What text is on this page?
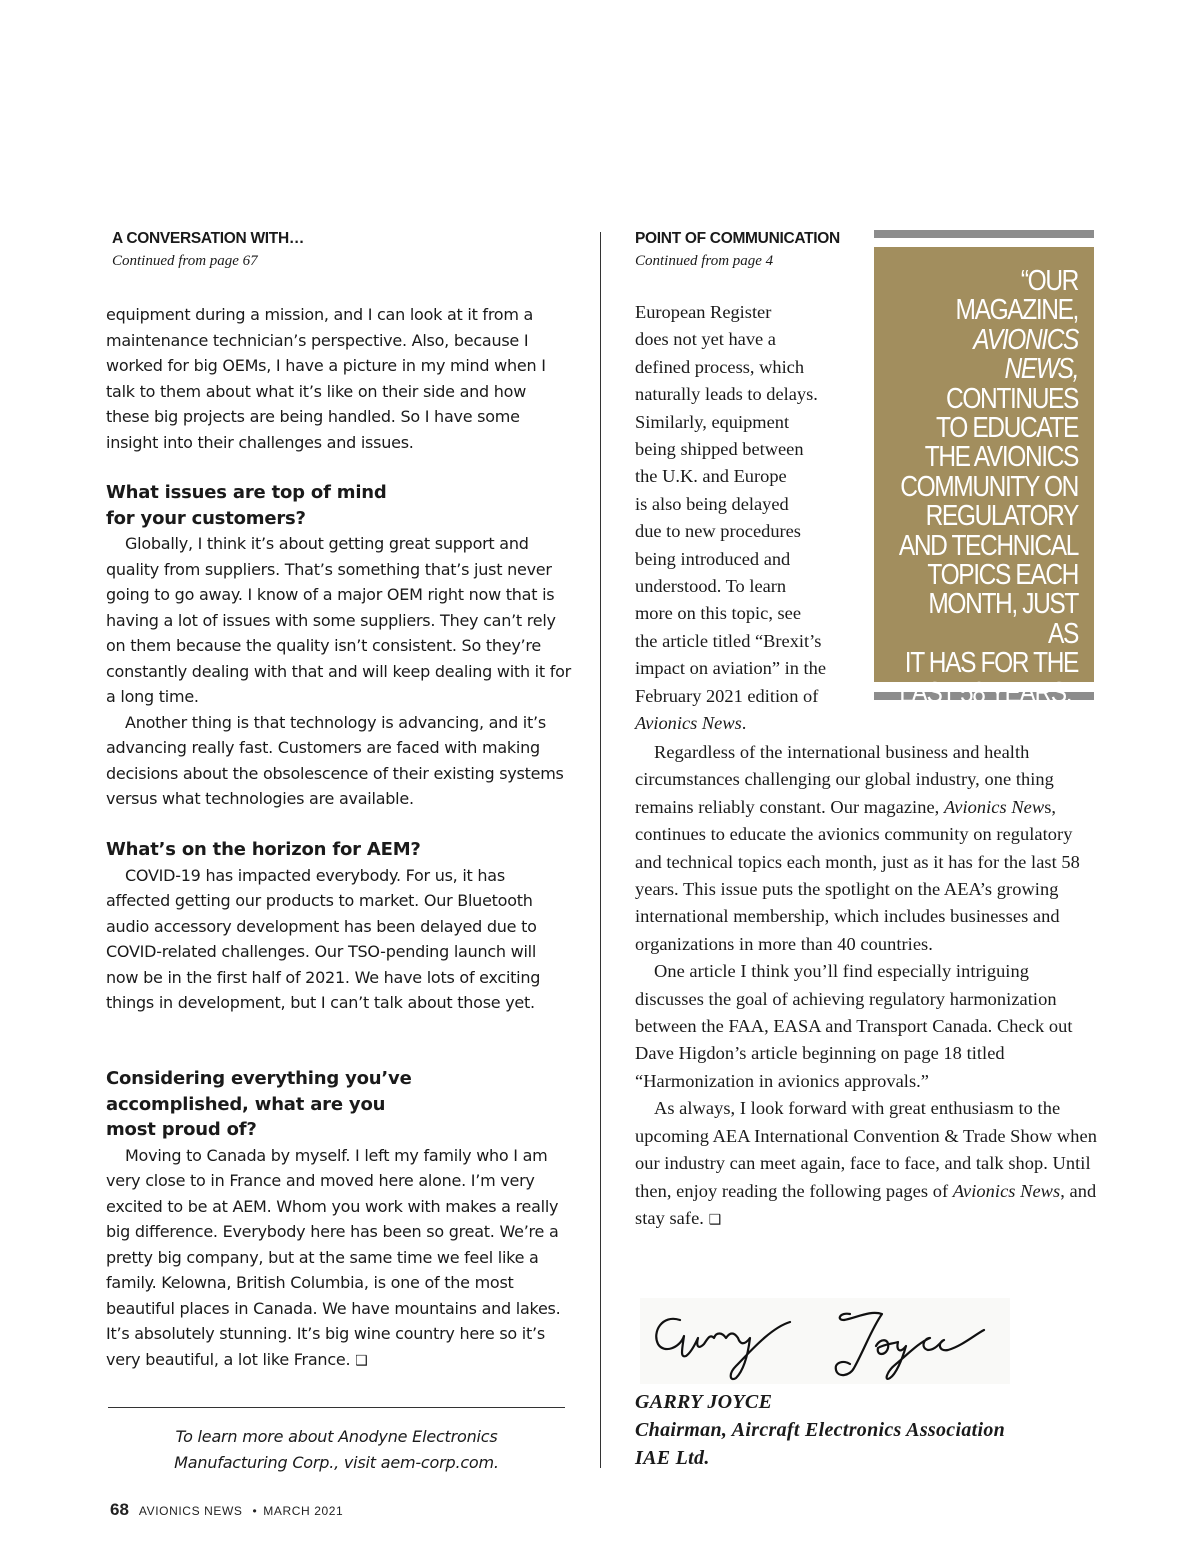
A CONVERSATION WITH…
Continued from page 67

equipment during a mission, and I can look at it from a maintenance technician’s perspective. Also, because I worked for big OEMs, I have a picture in my mind when I talk to them about what it’s like on their side and how these big projects are being handled. So I have some insight into their challenges and issues.

What issues are top of mind

for your customers?

Globally, I think it’s about getting great support and quality from suppliers. That’s something that’s just never going to go away. I know of a major OEM right now that is having a lot of issues with some suppliers. They can’t rely on them because the quality isn’t consistent. So they’re constantly dealing with that and will keep dealing with it for a long time.

Another thing is that technology is advancing, and it’s advancing really fast. Customers are faced with making decisions about the obsolescence of their existing systems versus what technologies are available.

What’s on the horizon for AEM?

COVID-19 has impacted everybody. For us, it has affected getting our products to market. Our Bluetooth audio accessory development has been delayed due to COVID-related challenges. Our TSO-pending launch will now be in the first half of 2021. We have lots of exciting things in development, but I can’t talk about those yet.

Considering everything you’ve

accomplished, what are you

most proud of?

Moving to Canada by myself. I left my family who I am very close to in France and moved here alone. I’m very excited to be at AEM. Whom you work with makes a really big difference. Everybody here has been so great. We’re a pretty big company, but at the same time we feel like a family. Kelowna, British Columbia, is one of the most beautiful places in Canada. We have mountains and lakes. It’s absolutely stunning. It’s big wine country here so it’s very beautiful, a lot like France. ❑

To learn more about Anodyne Electronics
Manufacturing Corp., visit aem-corp.com.
POINT OF COMMUNICATION
Continued from page 4
European Register
does not yet have a
defined process, which
naturally leads to delays.
Similarly, equipment
being shipped between
the U.K. and Europe
is also being delayed
due to new procedures
being introduced and
understood. To learn
more on this topic, see
the article titled “Brexit’s
impact on aviation” in the
February 2021 edition of
Avionics News.
“OUR
MAGAZINE,
AVIONICS NEWS,
CONTINUES
TO EDUCATE
THE AVIONICS
COMMUNITY ON
REGULATORY
AND TECHNICAL
TOPICS EACH
MONTH, JUST AS
IT HAS FOR THE
LAST 58 YEARS.”

Regardless of the international business and health circumstances challenging our global industry, one thing remains reliably constant. Our magazine, Avionics News, continues to educate the avionics community on regulatory and technical topics each month, just as it has for the last 58 years. This issue puts the spotlight on the AEA’s growing international membership, which includes businesses and organizations in more than 40 countries.

One article I think you’ll find especially intriguing discusses the goal of achieving regulatory harmonization between the FAA, EASA and Transport Canada. Check out Dave Higdon’s article beginning on page 18 titled “Harmonization in avionics approvals.”

As always, I look forward with great enthusiasm to the upcoming AEA International Convention & Trade Show when our industry can meet again, face to face, and talk shop. Until then, enjoy reading the following pages of Avionics News, and stay safe. ❑

GARRY JOYCE
Chairman, Aircraft Electronics Association
IAE Ltd.
68 AVIONICS NEWS • MARCH 2021
